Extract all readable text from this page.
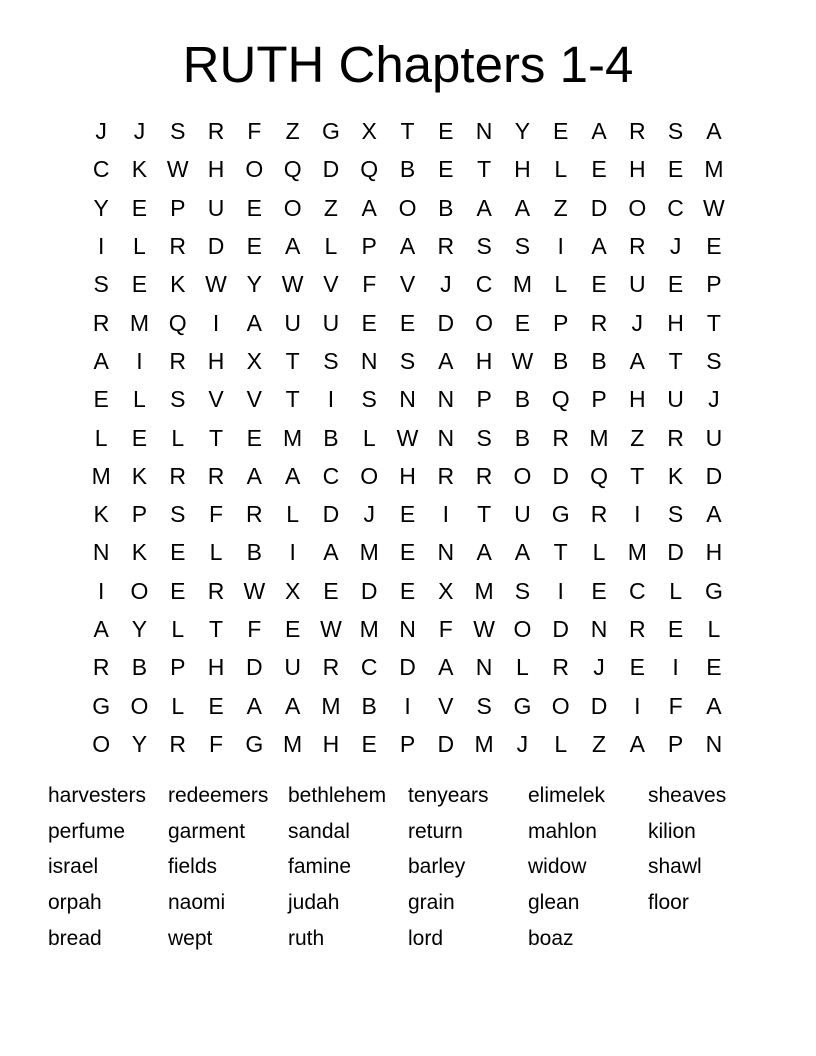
RUTH Chapters 1-4
J	J	S R F	Z G X	T	E N Y E A R S A
C K W H O Q D Q B E	T H	L	E H E M
Y E P U E O Z	A O B A A	Z D O C W
I	L	R D E A	L	P A R S S	I	A R	J	E
S E K W Y W V	F	V	J	C M L	E U E P
R M Q	I	A U U E E D O E P R	J	H T
A	I	R H X	T	S N S A H W B B A	T	S
E	L	S V V	T	I	S N N P B Q P H U	J
L	E	L	T	E M B	L W N S B R M Z R U
M K R R A A C O H R R O D Q T	K D
K P S	F R	L	D	J	E	I	T U G R	I	S A
N K E	L	B	I	A M E N A A	T	L M D H
I	O E R W X E D E X M S	I	E C	L G
A Y	L	T	F	E W M N F W O D N R E	L
R B P H D U R C D A N	L	R	J	E	I	E
G O L	E A A M B	I	V S G O D	I	F	A
O Y R F G M H E P D M J	L	Z	A P N
harvesters	redeemers bethlehem	tenyears	elimelek	sheaves
perfume	garment	sandal	return	mahlon	kilion
israel	fields	famine	barley	widow	shawl
orpah	naomi	judah	grain	glean	floor
bread	wept	ruth	lord	boaz
